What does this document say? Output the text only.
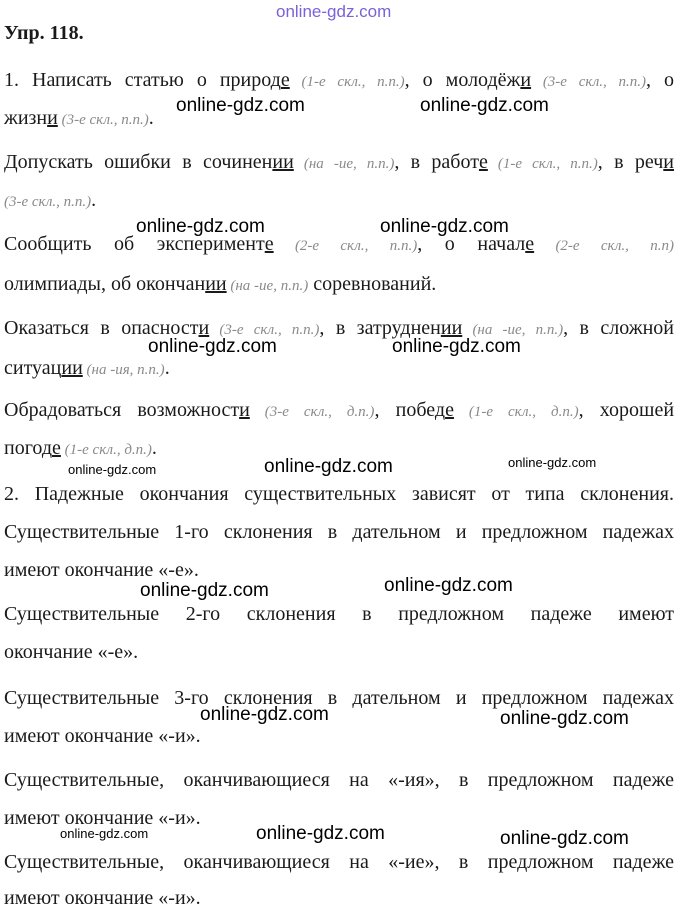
online-gdz.com
Упр. 118.
1. Написать статью о природе (1-е скл., п.п.), о молодёжи (3-е скл., п.п.), о
жизни (3-е скл., п.п.).
Допускать ошибки в сочинении (на -ие, п.п.), в работе (1-е скл., п.п.), в речи
(3-е скл., п.п.).
Сообщить об эксперименте (2-е скл., п.п.), о начале (2-е скл., п.п)
олимпиады, об окончании (на -ие, п.п.) соревнований.
Оказаться в опасности (3-е скл., п.п.), в затруднении (на -ие, п.п.), в сложной
ситуации (на -ия, п.п.).
Обрадоваться возможности (3-е скл., д.п.), победе (1-е скл., д.п.), хорошей
погоде (1-е скл., д.п.).
2. Падежные окончания существительных зависят от типа склонения.
Существительные 1-го склонения в дательном и предложном падежах
имеют окончание «-е».
Существительные 2-го склонения в предложном падеже имеют
окончание «-е».
Существительные 3-го склонения в дательном и предложном падежах
имеют окончание «-и».
Существительные, оканчивающиеся на «-ия», в предложном падеже
имеют окончание «-и».
Существительные, оканчивающиеся на «-ие», в предложном падеже
имеют окончание «-и».
online-gdz.com	online-gdz.com
online-gdz.com	online-gdz.com
online-gdz.com	online-gdz.com
online-gdz.com	online-gdz.com	online-gdz.com
online-gdz.com	online-gdz.com
online-gdz.com	online-gdz.com
online-gdz.com	online-gdz.com	online-gdz.com
